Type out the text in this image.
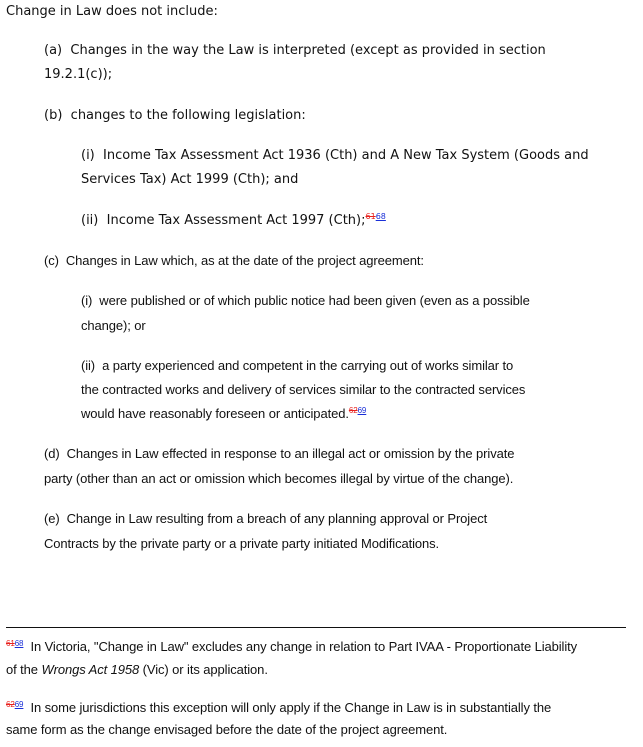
Change in Law does not include:
(a) Changes in the way the Law is interpreted (except as provided in section
19.2.1(c));
(b) changes to the following legislation:
(i) Income Tax Assessment Act 1936 (Cth) and A New Tax System (Goods and
Services Tax) Act 1999 (Cth); and
(ii) Income Tax Assessment Act 1997 (Cth);$^{6168}$
(c) Changes in Law which, as at the date of the project agreement:
(i) were published or of which public notice had been given (even as a possible
change); or
(ii) a party experienced and competent in the carrying out of works similar to
the contracted works and delivery of services similar to the contracted services
would have reasonably foreseen or anticipated.$^{6269}$
(d) Changes in Law effected in response to an illegal act or omission by the private
party (other than an act or omission which becomes illegal by virtue of the change).
(e) Change in Law resulting from a breach of any planning approval or Project
Contracts by the private party or a private party initiated Modifications.
$^{6168}$ In Victoria, "Change in Law" excludes any change in relation to Part IVAA - Proportionate Liability
of the Wrongs Act 1958 (Vic) or its application.
$^{6269}$ In some jurisdictions this exception will only apply if the Change in Law is in substantially the
same form as the change envisaged before the date of the project agreement.
